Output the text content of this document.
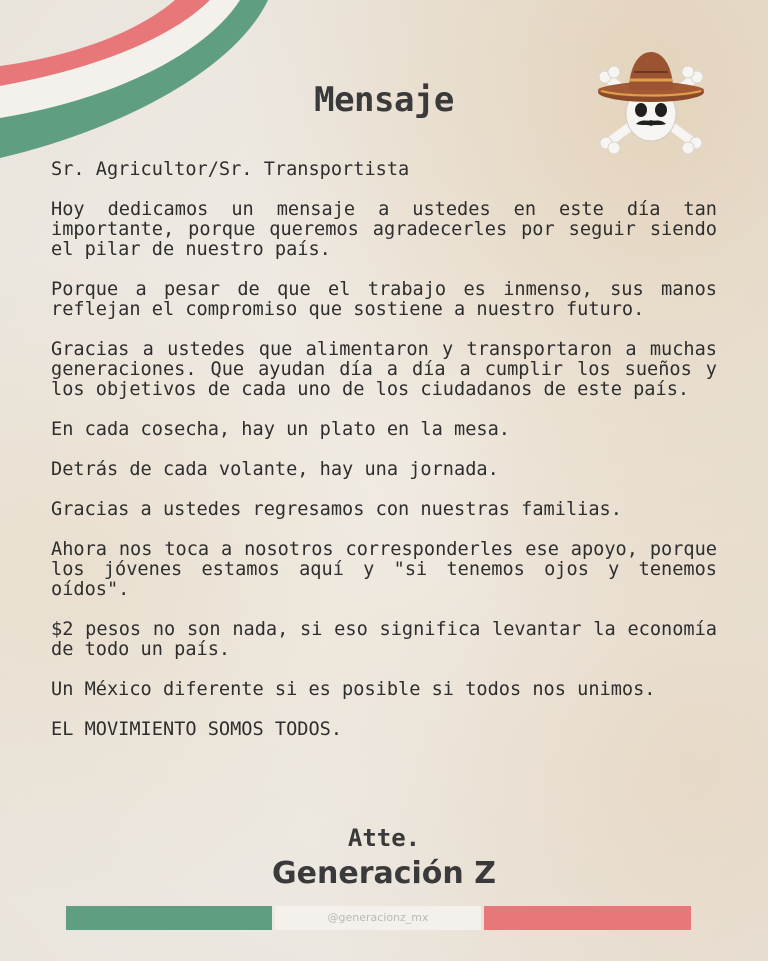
Mensaje

Sr. Agricultor/Sr. Transportista

Hoy dedicamos un mensaje a ustedes en este día tan importante, porque queremos agradecerles por seguir siendo el pilar de nuestro país.

Porque a pesar de que el trabajo es inmenso, sus manos reflejan el compromiso que sostiene a nuestro futuro.

Gracias a ustedes que alimentaron y transportaron a muchas generaciones. Que ayudan día a día a cumplir los sueños y los objetivos de cada uno de los ciudadanos de este país.

En cada cosecha, hay un plato en la mesa.

Detrás de cada volante, hay una jornada.

Gracias a ustedes regresamos con nuestras familias.

Ahora nos toca a nosotros corresponderles ese apoyo, porque los jóvenes estamos aquí y "si tenemos ojos y tenemos oídos".

$2 pesos no son nada, si eso significa levantar la economía de todo un país.

Un México diferente si es posible si todos nos unimos.

EL MOVIMIENTO SOMOS TODOS.

Atte.
Generación Z
@generacionz_mx
